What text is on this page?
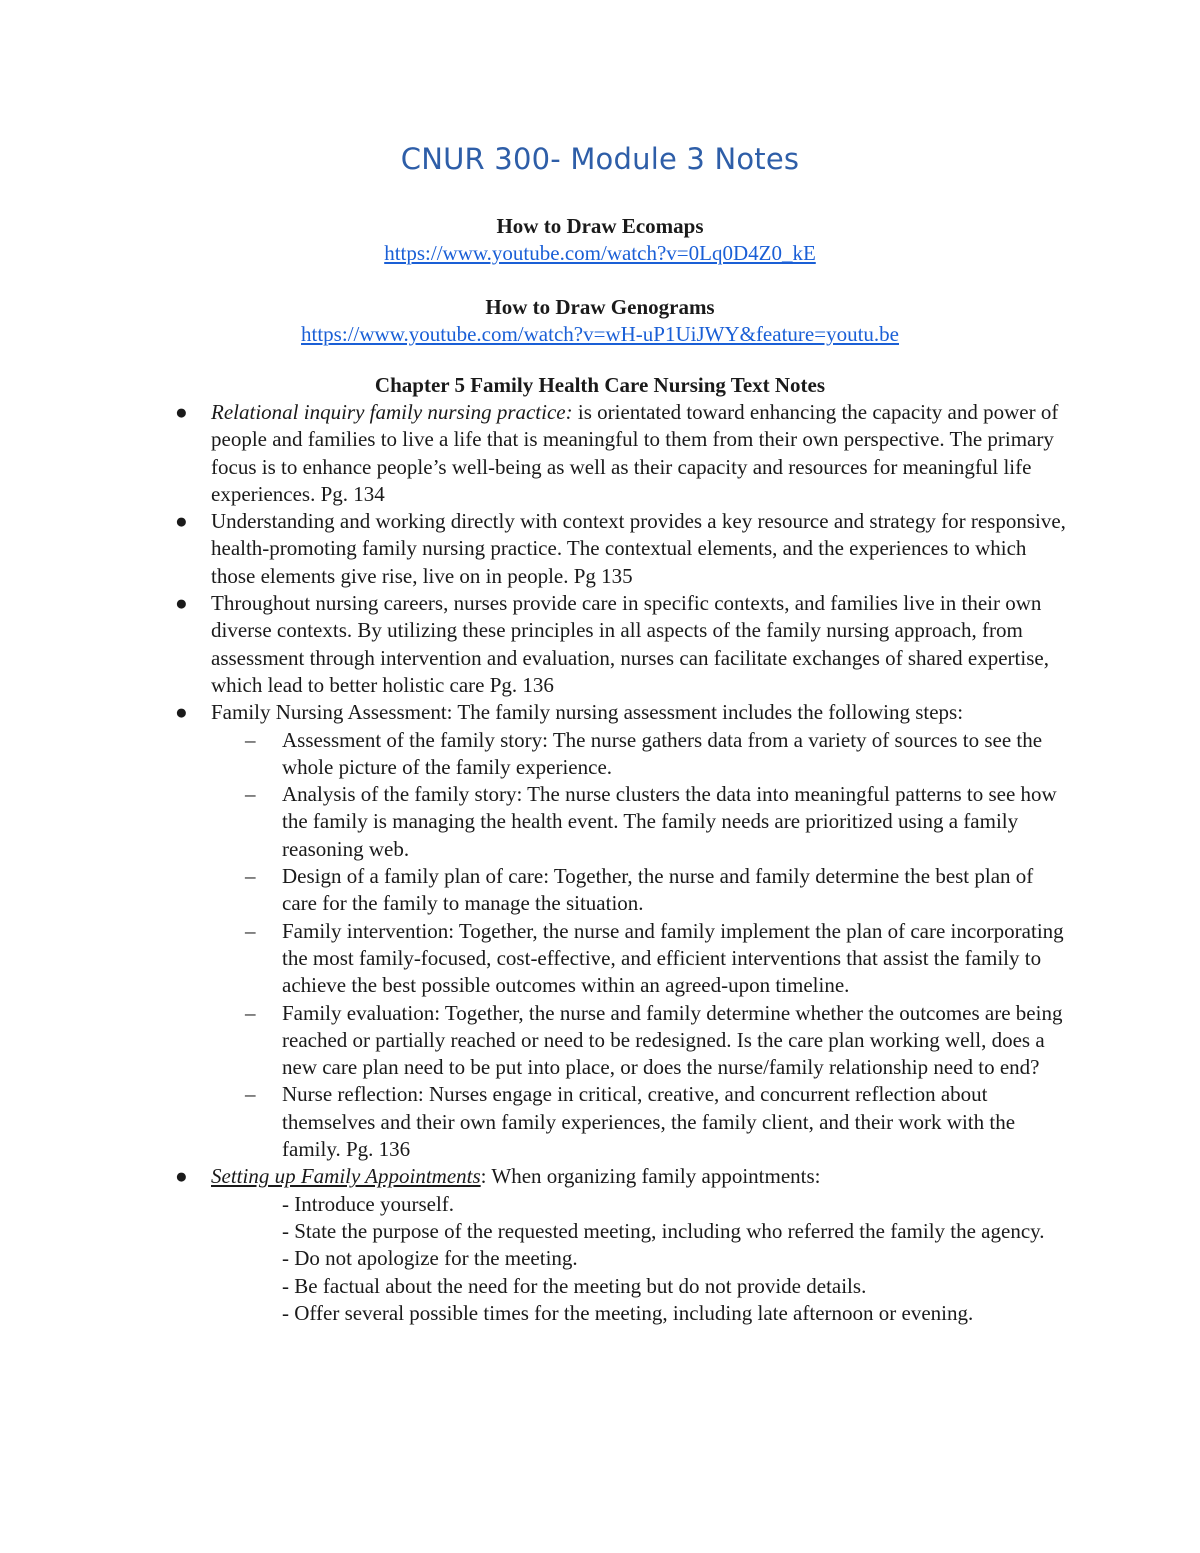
CNUR 300- Module 3 Notes
How to Draw Ecomaps
https://www.youtube.com/watch?v=0Lq0D4Z0_kE
How to Draw Genograms
https://www.youtube.com/watch?v=wH-uP1UiJWY&feature=youtu.be
Chapter 5 Family Health Care Nursing Text Notes
● Relational inquiry family nursing practice: is orientated toward enhancing the capacity and power of people and families to live a life that is meaningful to them from their own perspective. The primary focus is to enhance people’s well-being as well as their capacity and resources for meaningful life experiences. Pg. 134
● Understanding and working directly with context provides a key resource and strategy for responsive, health-promoting family nursing practice. The contextual elements, and the experiences to which those elements give rise, live on in people. Pg 135
● Throughout nursing careers, nurses provide care in specific contexts, and families live in their own diverse contexts. By utilizing these principles in all aspects of the family nursing approach, from assessment through intervention and evaluation, nurses can facilitate exchanges of shared expertise, which lead to better holistic care Pg. 136
● Family Nursing Assessment: The family nursing assessment includes the following steps:
– Assessment of the family story: The nurse gathers data from a variety of sources to see the whole picture of the family experience.
– Analysis of the family story: The nurse clusters the data into meaningful patterns to see how the family is managing the health event. The family needs are prioritized using a family reasoning web.
– Design of a family plan of care: Together, the nurse and family determine the best plan of care for the family to manage the situation.
– Family intervention: Together, the nurse and family implement the plan of care incorporating the most family-focused, cost-effective, and efficient interventions that assist the family to achieve the best possible outcomes within an agreed-upon timeline.
– Family evaluation: Together, the nurse and family determine whether the outcomes are being reached or partially reached or need to be redesigned. Is the care plan working well, does a new care plan need to be put into place, or does the nurse/family relationship need to end?
– Nurse reflection: Nurses engage in critical, creative, and concurrent reflection about themselves and their own family experiences, the family client, and their work with the family. Pg. 136
● Setting up Family Appointments: When organizing family appointments:
- Introduce yourself.
- State the purpose of the requested meeting, including who referred the family the agency.
- Do not apologize for the meeting.
- Be factual about the need for the meeting but do not provide details.
- Offer several possible times for the meeting, including late afternoon or evening.
